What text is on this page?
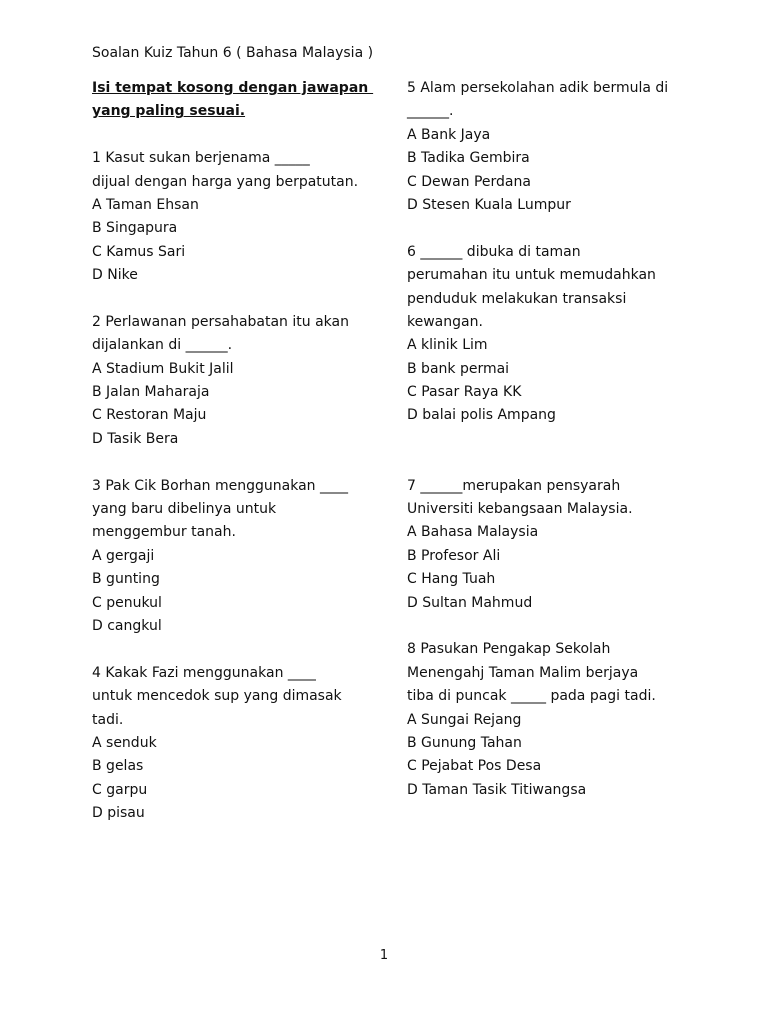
Soalan Kuiz Tahun 6 ( Bahasa Malaysia )
Isi tempat kosong dengan jawapan
yang paling sesuai.
1 Kasut sukan berjenama _____
dijual dengan harga yang berpatutan.
A Taman Ehsan
B Singapura
C Kamus Sari
D Nike
2 Perlawanan persahabatan itu akan
dijalankan di ______.
A Stadium Bukit Jalil
B Jalan Maharaja
C Restoran Maju
D Tasik Bera
3 Pak Cik Borhan menggunakan ____
yang baru dibelinya untuk
menggembur tanah.
A gergaji
B gunting
C penukul
D cangkul
4 Kakak Fazi menggunakan ____
untuk mencedok sup yang dimasak
tadi.
A senduk
B gelas
C garpu
D pisau
5 Alam persekolahan adik bermula di
______.
A Bank Jaya
B Tadika Gembira
C Dewan Perdana
D Stesen Kuala Lumpur
6 ______ dibuka di taman
perumahan itu untuk memudahkan
penduduk melakukan transaksi
kewangan.
A klinik Lim
B bank permai
C Pasar Raya KK
D balai polis Ampang
7 ______merupakan pensyarah
Universiti kebangsaan Malaysia.
A Bahasa Malaysia
B Profesor Ali
C Hang Tuah
D Sultan Mahmud
8 Pasukan Pengakap Sekolah
Menengahj Taman Malim berjaya
tiba di puncak _____ pada pagi tadi.
A Sungai Rejang
B Gunung Tahan
C Pejabat Pos Desa
D Taman Tasik Titiwangsa
1
